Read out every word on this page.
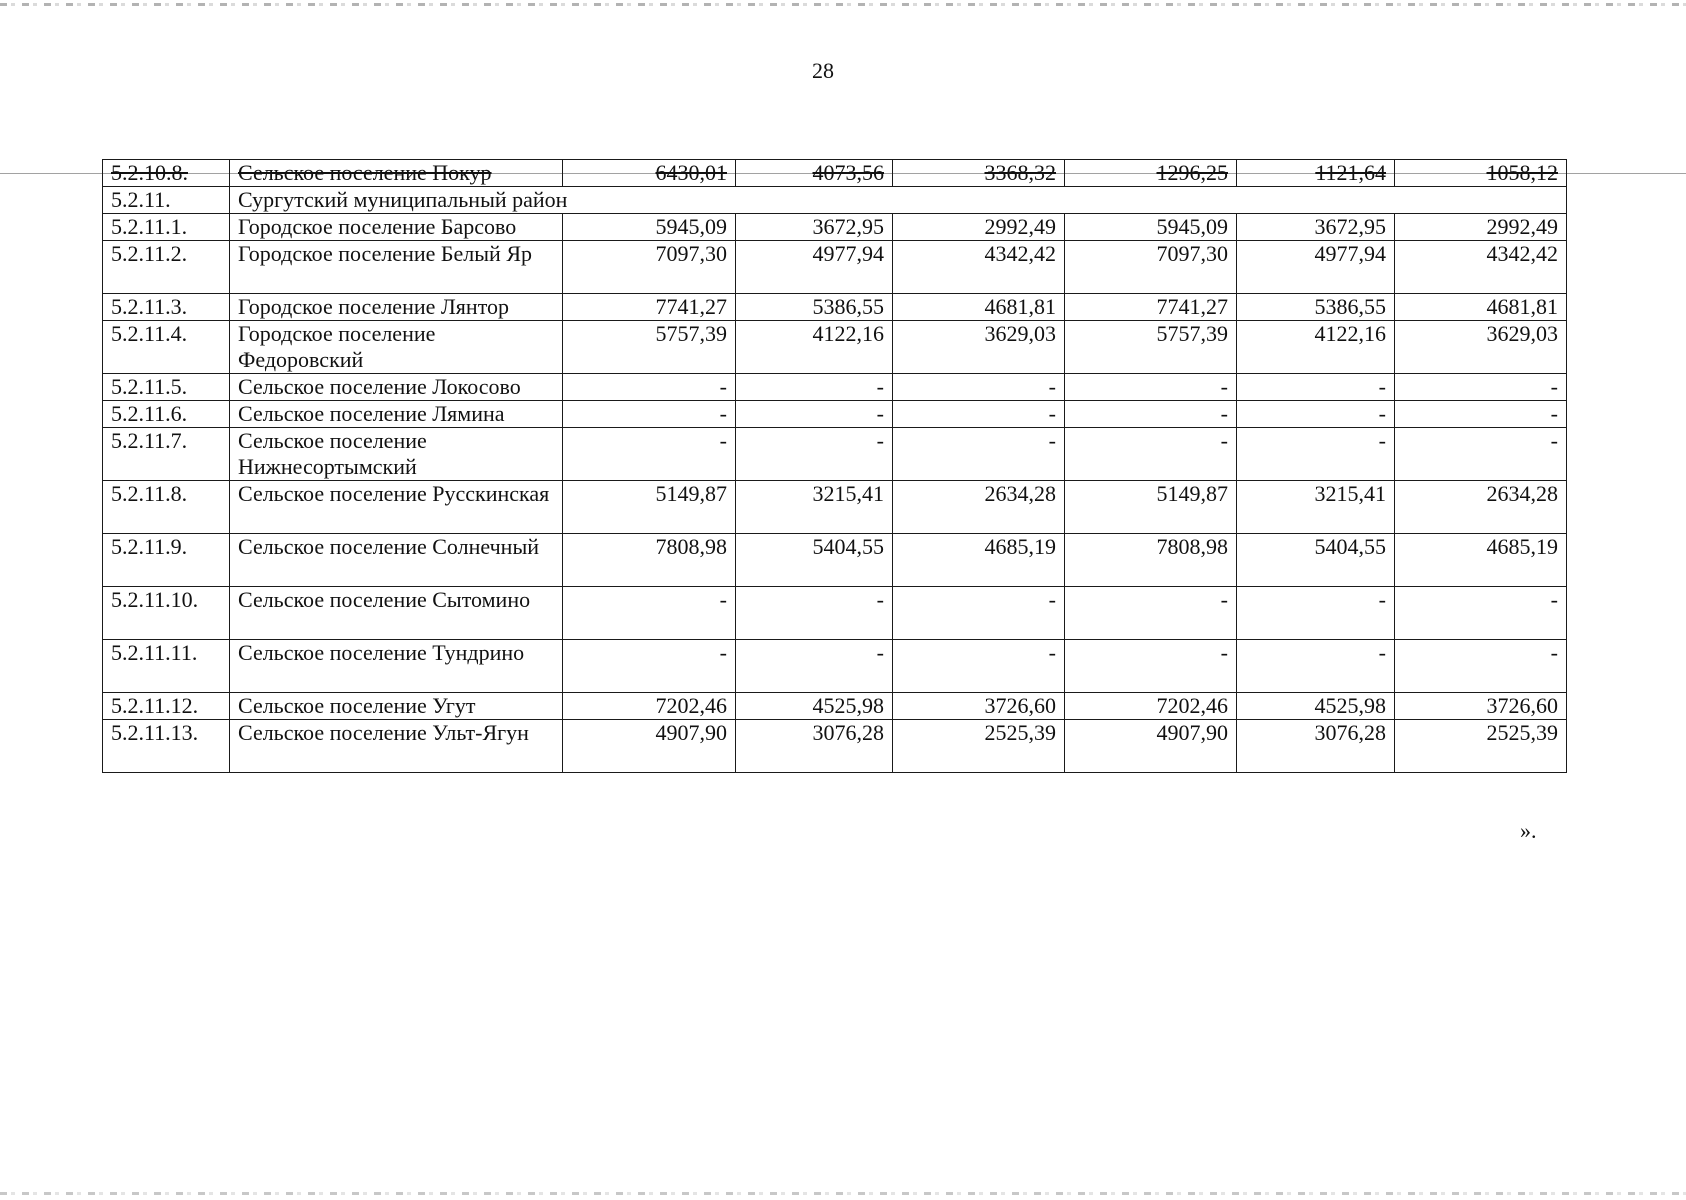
28
5.2.10.8.	Сельское поселение Покур	6430,01	4073,56	3368,32	1296,25	1121,64	1058,12
5.2.11.	Сургутский муниципальный район						
5.2.11.1.	Городское поселение Барсово	5945,09	3672,95	2992,49	5945,09	3672,95	2992,49
5.2.11.2.	Городское поселение Белый Яр	7097,30	4977,94	4342,42	7097,30	4977,94	4342,42
5.2.11.3.	Городское поселение Лянтор	7741,27	5386,55	4681,81	7741,27	5386,55	4681,81
5.2.11.4.	Городское поселение Федоровский	5757,39	4122,16	3629,03	5757,39	4122,16	3629,03
5.2.11.5.	Сельское поселение Локосово	-	-	-	-	-	-
5.2.11.6.	Сельское поселение Лямина	-	-	-	-	-	-
5.2.11.7.	Сельское поселение Нижнесортымский	-	-	-	-	-	-
5.2.11.8.	Сельское поселение Русскинская	5149,87	3215,41	2634,28	5149,87	3215,41	2634,28
5.2.11.9.	Сельское поселение Солнечный	7808,98	5404,55	4685,19	7808,98	5404,55	4685,19
5.2.11.10.	Сельское поселение Сытомино	-	-	-	-	-	-
5.2.11.11.	Сельское поселение Тундрино	-	-	-	-	-	-
5.2.11.12.	Сельское поселение Угут	7202,46	4525,98	3726,60	7202,46	4525,98	3726,60
5.2.11.13.	Сельское поселение Ульт-Ягун	4907,90	3076,28	2525,39	4907,90	3076,28	2525,39
».
